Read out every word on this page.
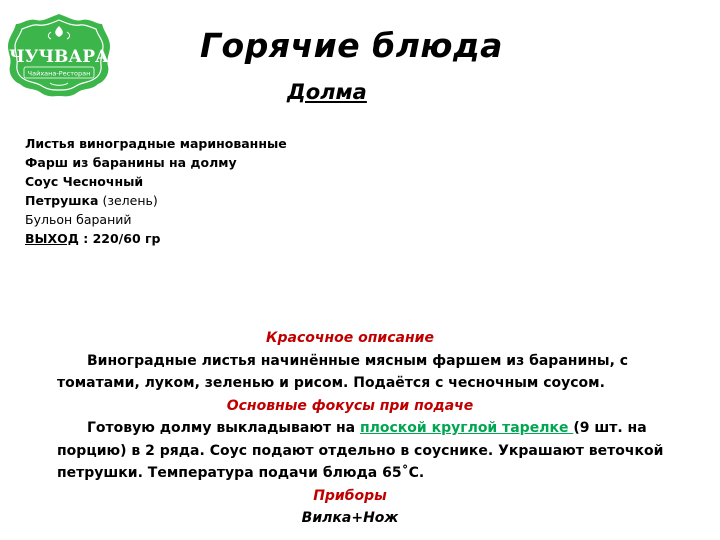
ЧУЧВАРА
Чайхана-Ресторан
Горячие блюда
Долма
Листья виноградные маринованные
Фарш из баранины на долму
Соус Чесночный
Петрушка (зелень)
Бульон бараний
ВЫХОД : 220/60 гр
Красочное описание

Виноградные листья начинённые мясным фаршем из баранины, с томатами, луком, зеленью и рисом. Подаётся с чесночным соусом.

Основные фокусы при подаче

Готовую долму выкладывают на плоской круглой тарелке (9 шт. на порцию) в 2 ряда. Соус подают отдельно в соуснике. Украшают веточкой петрушки. Температура подачи блюда 65˚С.

Приборы
Вилка+Нож
